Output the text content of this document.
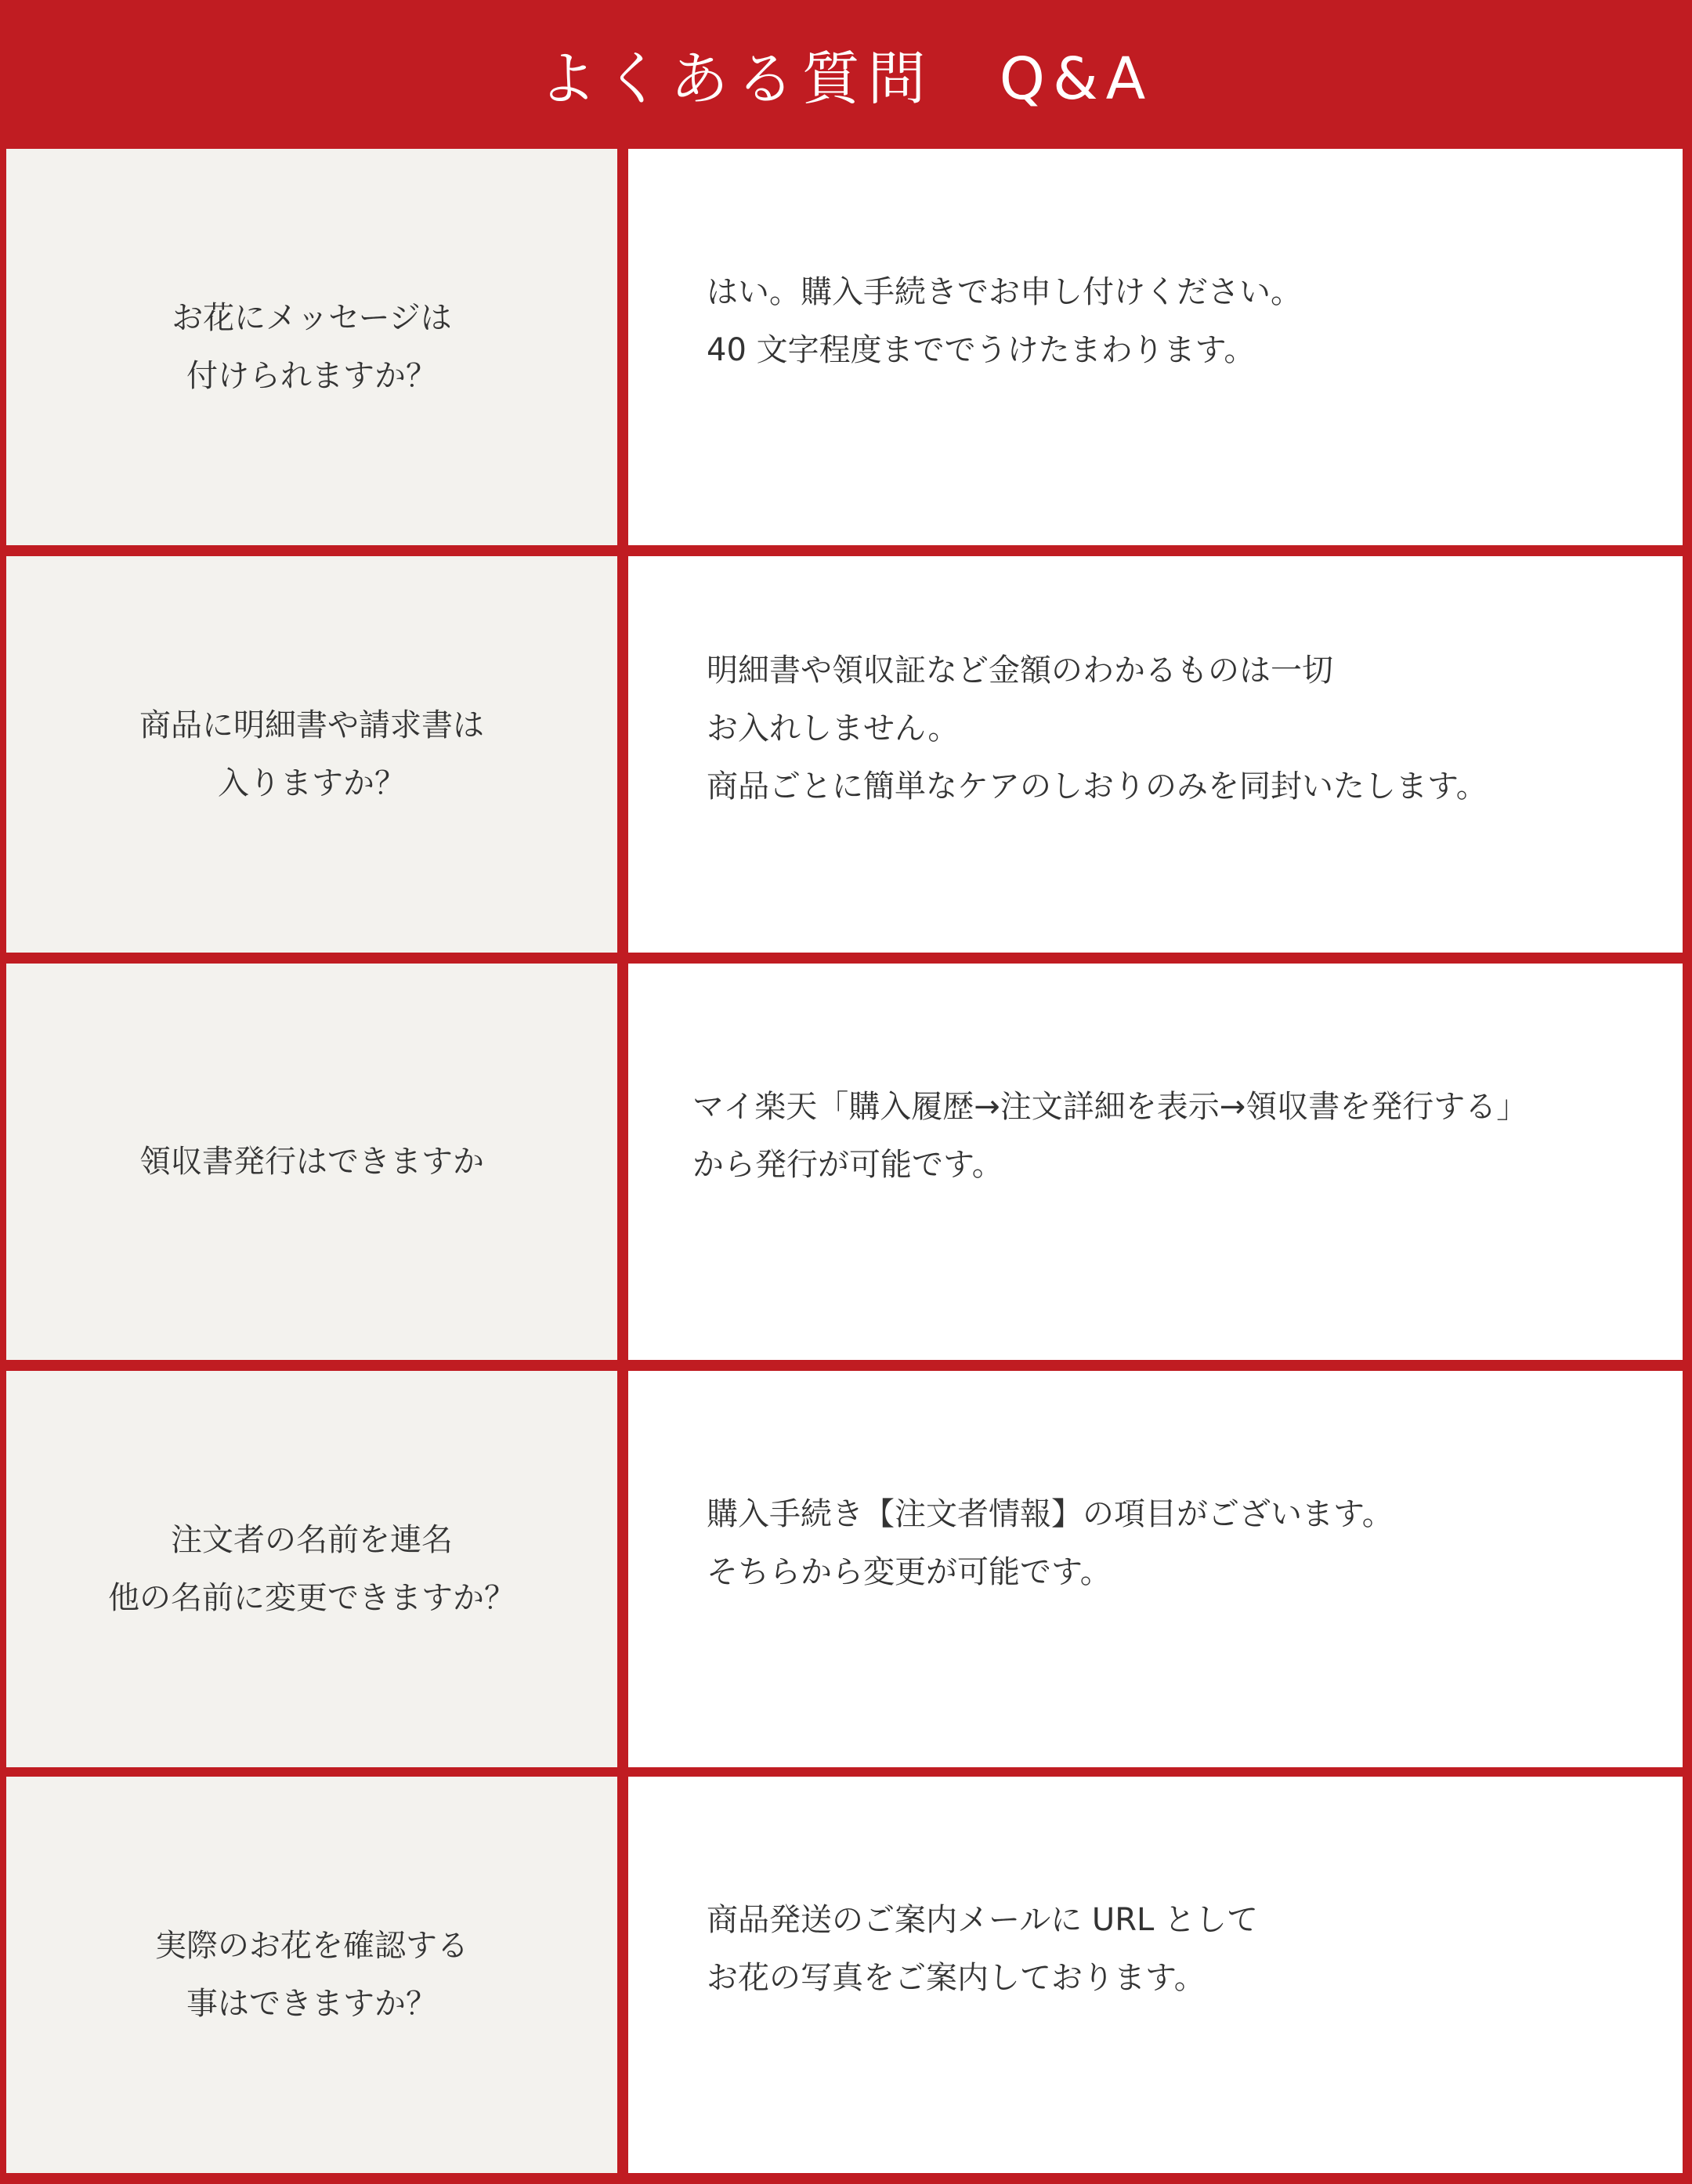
よくある質問　Q&A
お花にメッセージは
付けられますか？
はい。購入手続きでお申し付けください。
40 文字程度まででうけたまわります。
商品に明細書や請求書は
入りますか？
明細書や領収証など金額のわかるものは一切
お入れしません。
商品ごとに簡単なケアのしおりのみを同封いたします。
領収書発行はできますか
マイ楽天「購入履歴→注文詳細を表示→領収書を発行する」
から発行が可能です。
注文者の名前を連名
他の名前に変更できますか？
購入手続き【注文者情報】の項目がございます。
そちらから変更が可能です。
実際のお花を確認する
事はできますか？
商品発送のご案内メールに URL として
お花の写真をご案内しております。
